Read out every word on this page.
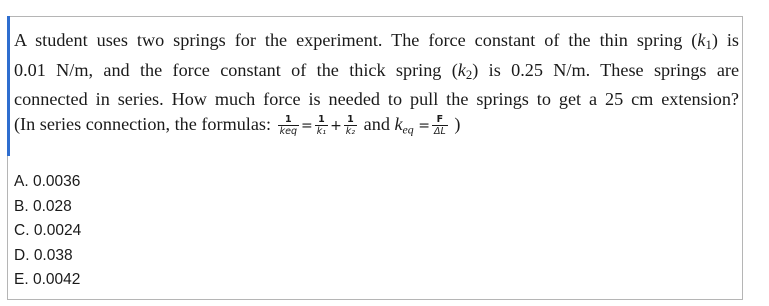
A student uses two springs for the experiment. The force constant of the thin spring $(k_1)$ is
0.01 N/m, and the force constant of the thick spring $(k_2)$ is 0.25 N/m. These springs are
connected in series. How much force is needed to pull the springs to get a 25 cm extension?
(In series connection, the formulas: $\frac{1}{\text{keq}} = \frac{1}{\text{k₁}} + \frac{1}{\text{k₂}}$ and $k_{eq} = \frac{F}{\Delta L}$ )
A. 0.0036
B. 0.028
C. 0.0024
D. 0.038
E. 0.0042
